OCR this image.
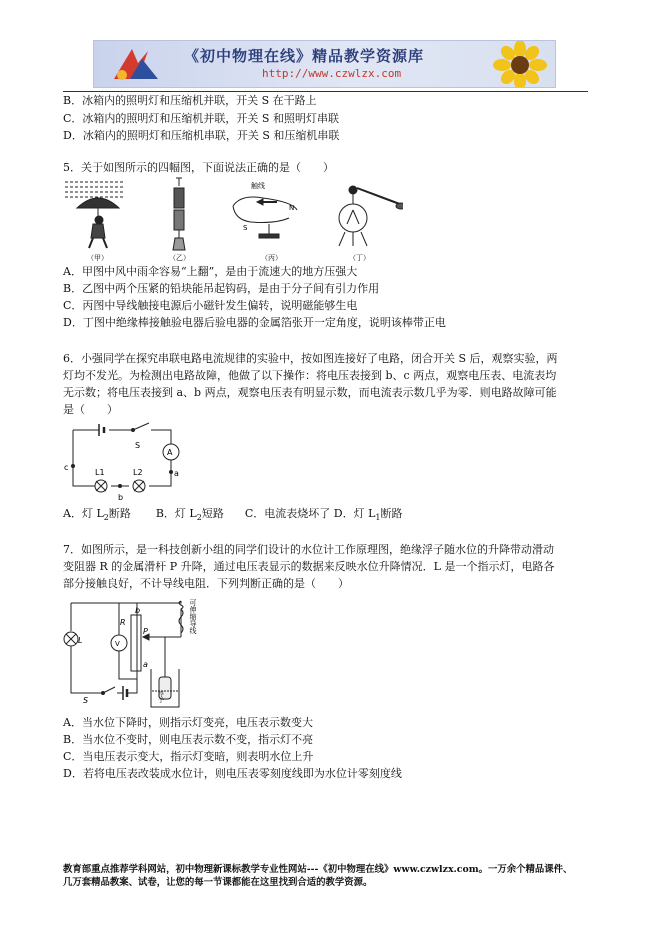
《初中物理在线》精品教学资源库
http://www.czwlzx.com
B．冰箱内的照明灯和压缩机并联，开关 S 在干路上
C．冰箱内的照明灯和压缩机并联，开关 S 和照明灯串联
D．冰箱内的照明灯和压缩机串联，开关 S 和压缩机串联
5．关于如图所示的四幅图，下面说法正确的是（　　）
（甲）	（乙）
触线
S
N
（丙）	（丁）
A．甲图中风中雨伞容易“上翻”，是由于流速大的地方压强大
B．乙图中两个压紧的铅块能吊起钩码，是由于分子间有引力作用
C．丙图中导线触接电源后小磁针发生偏转，说明磁能够生电
D．丁图中绝缘棒接触验电器后验电器的金属箔张开一定角度，说明该棒带正电
6．小强同学在探究串联电路电流规律的实验中，按如图连接好了电路，闭合开关 S 后，观察实验，两
灯均不发光。为检测出电路故障，他做了以下操作：将电压表接到 b、c 两点，观察电压表、电流表均
无示数；将电压表接到 a、b 两点，观察电压表有明显示数，而电流表示数几乎为零．则电路故障可能
是（　　）
S
A
c
a
b
L1	L2
A．灯 $L_2$断路 B．灯 $L_2$短路 C．电流表烧坏了 D．灯 $L_1$断路
7．如图所示，是一科技创新小组的同学们设计的水位计工作原理图，绝缘浮子随水位的升降带动滑动
变阻器 R 的金属滑杆 P 升降，通过电压表显示的数据来反映水位升降情况．L 是一个指示灯，电路各
部分接触良好，不计导线电阻．下列判断正确的是（　　）
L
R
V
P
b
a
S	浮子
可伸缩导线
A．当水位下降时，则指示灯变亮，电压表示数变大
B．当水位不变时，则电压表示数不变，指示灯不亮
C．当电压表示变大，指示灯变暗，则表明水位上升
D．若将电压表改装成水位计，则电压表零刻度线即为水位计零刻度线
教育部重点推荐学科网站，初中物理新课标教学专业性网站---《初中物理在线》www.czwlzx.com。一万余个精品课件、
几万套精品教案、试卷，让您的每一节课都能在这里找到合适的教学资源。
